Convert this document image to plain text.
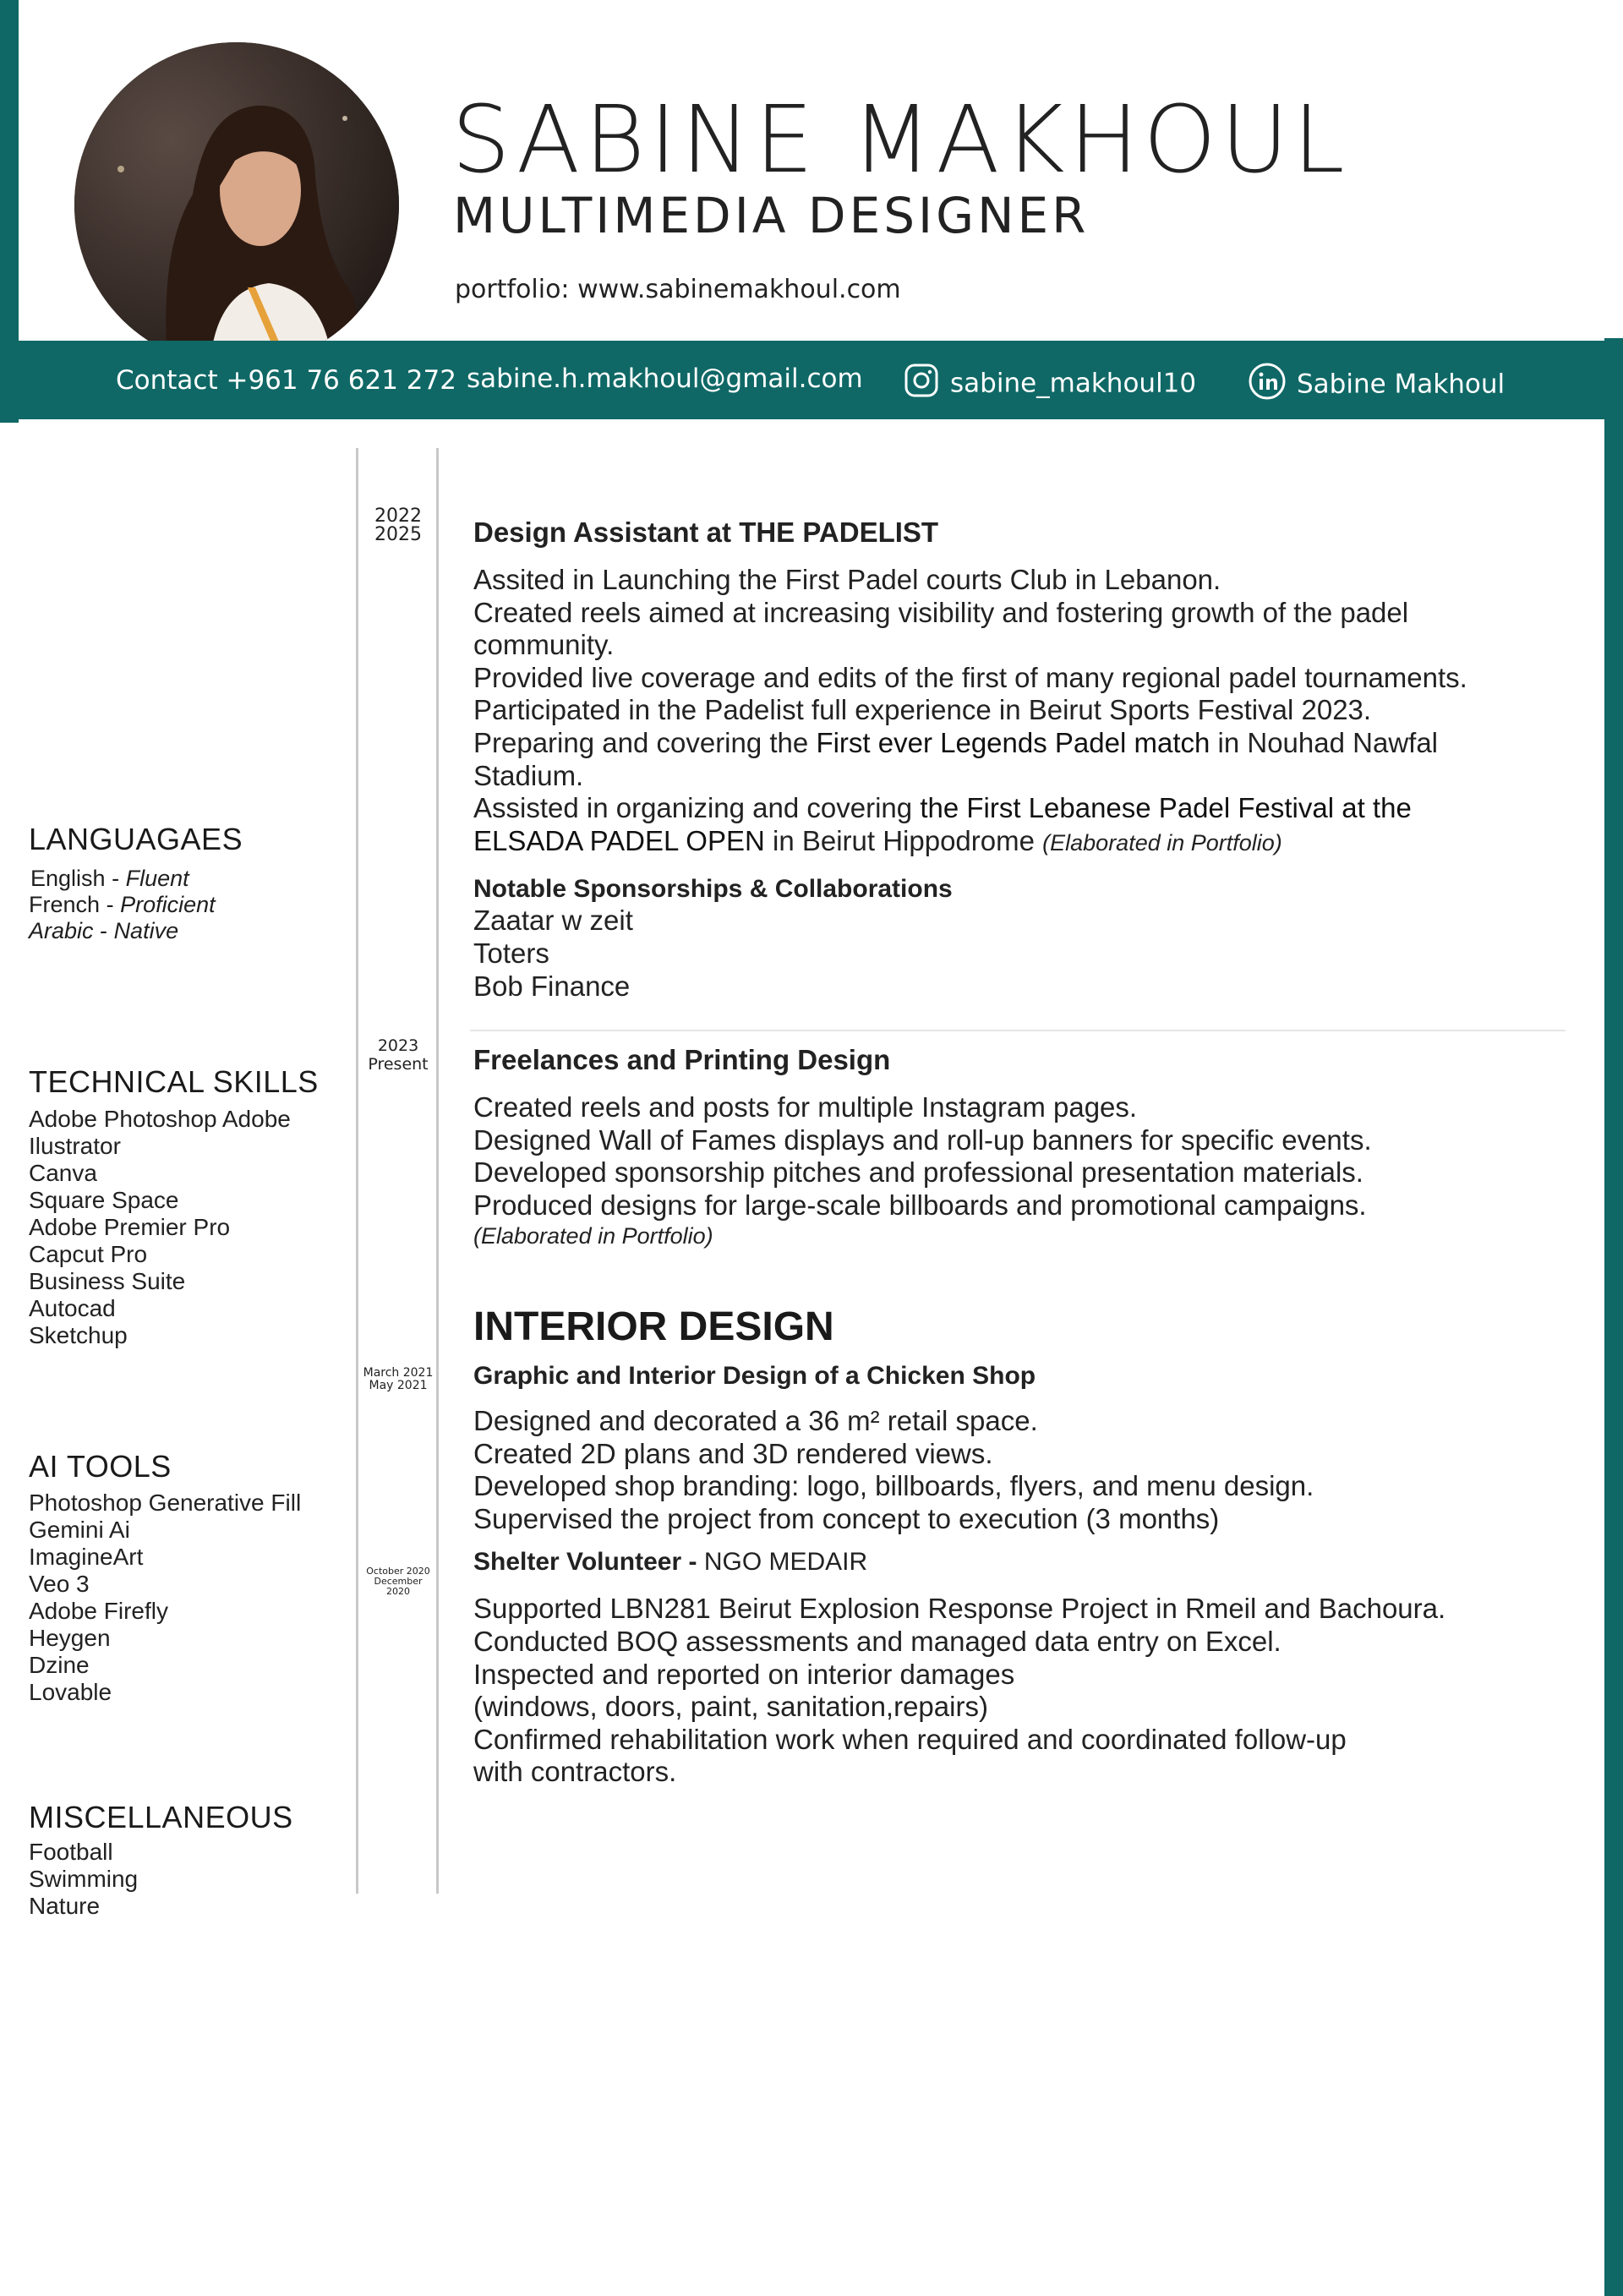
SABINE MAKHOUL
MULTIMEDIA DESIGNER
portfolio: www.sabinemakhoul.com
Contact +961 76 621 272 sabine.h.makhoul@gmail.com	sabine_makhoul10	Sabine Makhoul
2022
2025
2023
Present
March 2021
May 2021
October 2020
December 2020
LANGUAGAES
English - Fluent
French - Proficient
Arabic - Native
TECHNICAL SKILLS
Adobe Photoshop Adobe
Ilustrator
Canva
Square Space
Adobe Premier Pro
Capcut Pro
Business Suite
Autocad
Sketchup
AI TOOLS
Photoshop Generative Fill
Gemini Ai
ImagineArt
Veo 3
Adobe Firefly
Heygen
Dzine
Lovable
MISCELLANEOUS
Football
Swimming
Nature
Design Assistant at THE PADELIST
Assited in Launching the First Padel courts Club in Lebanon.
Created reels aimed at increasing visibility and fostering growth of the padel community.
Provided live coverage and edits of the first of many regional padel tournaments.
Participated in the Padelist full experience in Beirut Sports Festival 2023.
Preparing and covering the First ever Legends Padel match in Nouhad Nawfal Stadium.
Assisted in organizing and covering the First Lebanese Padel Festival at the ELSADA PADEL OPEN in Beirut Hippodrome (Elaborated in Portfolio)
Notable Sponsorships & Collaborations
Zaatar w zeit
Toters
Bob Finance
Freelances and Printing Design
Created reels and posts for multiple Instagram pages.
Designed Wall of Fames displays and roll-up banners for specific events.
Developed sponsorship pitches and professional presentation materials.
Produced designs for large-scale billboards and promotional campaigns.
(Elaborated in Portfolio)
INTERIOR DESIGN
Graphic and Interior Design of a Chicken Shop
Designed and decorated a 36 m² retail space.
Created 2D plans and 3D rendered views.
Developed shop branding: logo, billboards, flyers, and menu design.
Supervised the project from concept to execution (3 months)
Shelter Volunteer - NGO MEDAIR
Supported LBN281 Beirut Explosion Response Project in Rmeil and Bachoura.
Conducted BOQ assessments and managed data entry on Excel.
Inspected and reported on interior damages
(windows, doors, paint, sanitation,repairs)
Confirmed rehabilitation work when required and coordinated follow-up
with contractors.
